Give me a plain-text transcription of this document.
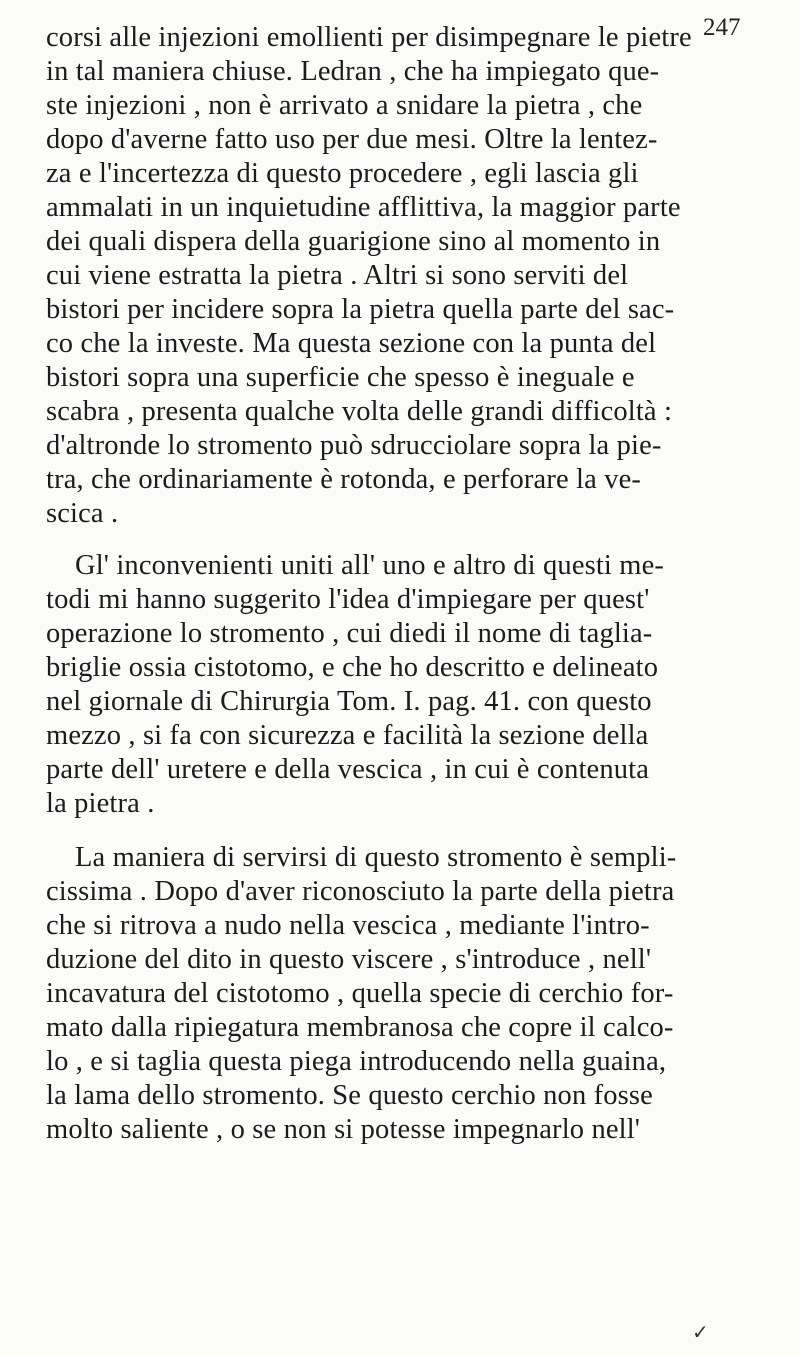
247
corsi alle injezioni emollienti per disimpegnare le pietre
in tal maniera chiuse. Ledran , che ha impiegato que-
ste injezioni , non è arrivato a snidare la pietra , che
dopo d'averne fatto uso per due mesi. Oltre la lentez-
za e l'incertezza di questo procedere , egli lascia gli
ammalati in un inquietudine afflittiva, la maggior parte
dei quali dispera della guarigione sino al momento in
cui viene estratta la pietra . Altri si sono serviti del
bistori per incidere sopra la pietra quella parte del sac-
co che la investe. Ma questa sezione con la punta del
bistori sopra una superficie che spesso è ineguale e
scabra , presenta qualche volta delle grandi difficoltà :
d'altronde lo stromento può sdrucciolare sopra la pie-
tra, che ordinariamente è rotonda, e perforare la ve-
scica .
Gl' inconvenienti uniti all' uno e altro di questi me-
todi mi hanno suggerito l'idea d'impiegare per quest'
operazione lo stromento , cui diedi il nome di taglia-
briglie ossia cistotomo, e che ho descritto e delineato
nel giornale di Chirurgia Tom. I. pag. 41. con questo
mezzo , si fa con sicurezza e facilità la sezione della
parte dell' uretere e della vescica , in cui è contenuta
la pietra .
La maniera di servirsi di questo stromento è sempli-
cissima . Dopo d'aver riconosciuto la parte della pietra
che si ritrova a nudo nella vescica , mediante l'intro-
duzione del dito in questo viscere , s'introduce , nell'
incavatura del cistotomo , quella specie di cerchio for-
mato dalla ripiegatura membranosa che copre il calco-
lo , e si taglia questa piega introducendo nella guaina,
la lama dello stromento. Se questo cerchio non fosse
molto saliente , o se non si potesse impegnarlo nell'
✓
